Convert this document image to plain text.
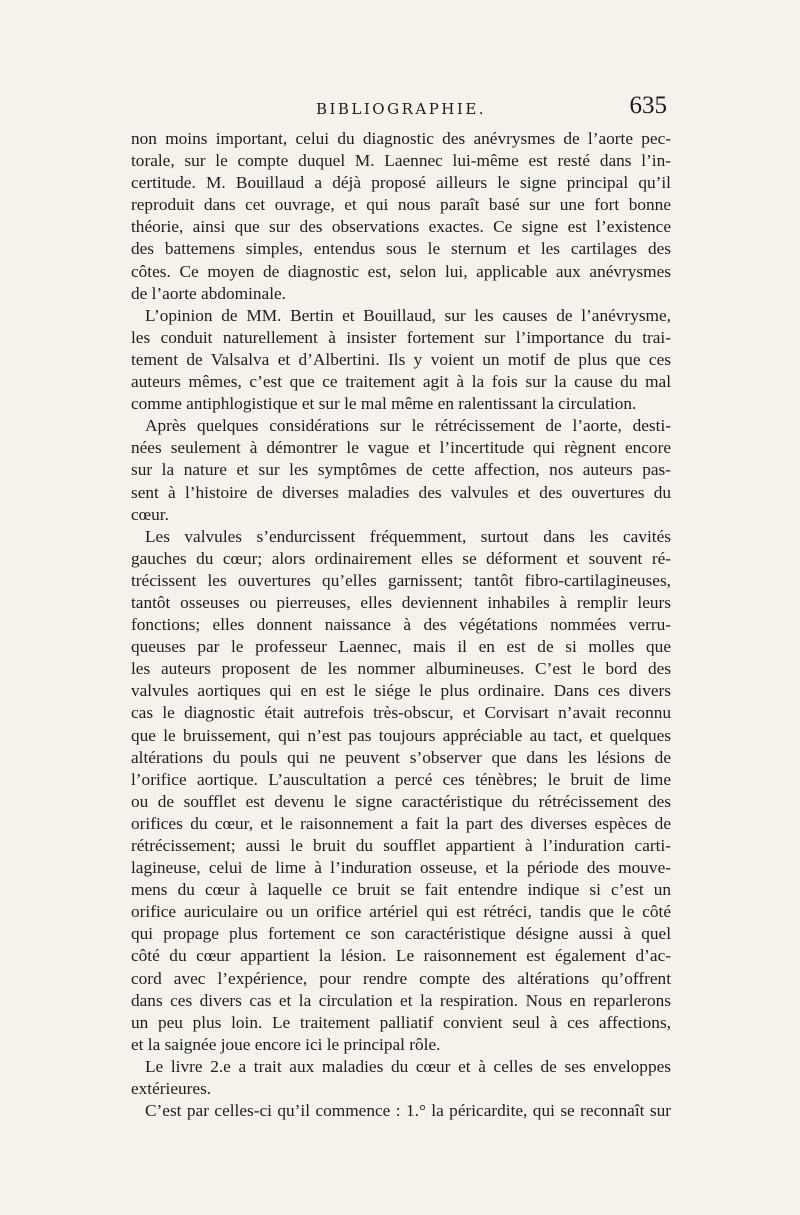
BIBLIOGRAPHIE.	635
non moins important, celui du diagnostic des anévrysmes de l’aorte pec-
torale, sur le compte duquel M. Laennec lui-même est resté dans l’in-
certitude. M. Bouillaud a déjà proposé ailleurs le signe principal qu’il
reproduit dans cet ouvrage, et qui nous paraît basé sur une fort bonne
théorie, ainsi que sur des observations exactes. Ce signe est l’existence
des battemens simples, entendus sous le sternum et les cartilages des
côtes. Ce moyen de diagnostic est, selon lui, applicable aux anévrysmes
de l’aorte abdominale.
L’opinion de MM. Bertin et Bouillaud, sur les causes de l’anévrysme,
les conduit naturellement à insister fortement sur l’importance du trai-
tement de Valsalva et d’Albertini. Ils y voient un motif de plus que ces
auteurs mêmes, c’est que ce traitement agit à la fois sur la cause du mal
comme antiphlogistique et sur le mal même en ralentissant la circulation.
Après quelques considérations sur le rétrécissement de l’aorte, desti-
nées seulement à démontrer le vague et l’incertitude qui règnent encore
sur la nature et sur les symptômes de cette affection, nos auteurs pas-
sent à l’histoire de diverses maladies des valvules et des ouvertures du
cœur.
Les valvules s’endurcissent fréquemment, surtout dans les cavités
gauches du cœur; alors ordinairement elles se déforment et souvent ré-
trécissent les ouvertures qu’elles garnissent; tantôt fibro-cartilagineuses,
tantôt osseuses ou pierreuses, elles deviennent inhabiles à remplir leurs
fonctions; elles donnent naissance à des végétations nommées verru-
queuses par le professeur Laennec, mais il en est de si molles que
les auteurs proposent de les nommer albumineuses. C’est le bord des
valvules aortiques qui en est le siége le plus ordinaire. Dans ces divers
cas le diagnostic était autrefois très-obscur, et Corvisart n’avait reconnu
que le bruissement, qui n’est pas toujours appréciable au tact, et quelques
altérations du pouls qui ne peuvent s’observer que dans les lésions de
l’orifice aortique. L’auscultation a percé ces ténèbres; le bruit de lime
ou de soufflet est devenu le signe caractéristique du rétrécissement des
orifices du cœur, et le raisonnement a fait la part des diverses espèces de
rétrécissement; aussi le bruit du soufflet appartient à l’induration carti-
lagineuse, celui de lime à l’induration osseuse, et la période des mouve-
mens du cœur à laquelle ce bruit se fait entendre indique si c’est un
orifice auriculaire ou un orifice artériel qui est rétréci, tandis que le côté
qui propage plus fortement ce son caractéristique désigne aussi à quel
côté du cœur appartient la lésion. Le raisonnement est également d’ac-
cord avec l’expérience, pour rendre compte des altérations qu’offrent
dans ces divers cas et la circulation et la respiration. Nous en reparlerons
un peu plus loin. Le traitement palliatif convient seul à ces affections,
et la saignée joue encore ici le principal rôle.
Le livre 2.e a trait aux maladies du cœur et à celles de ses enveloppes
extérieures.
C’est par celles-ci qu’il commence : 1.° la péricardite, qui se reconnaît sur
